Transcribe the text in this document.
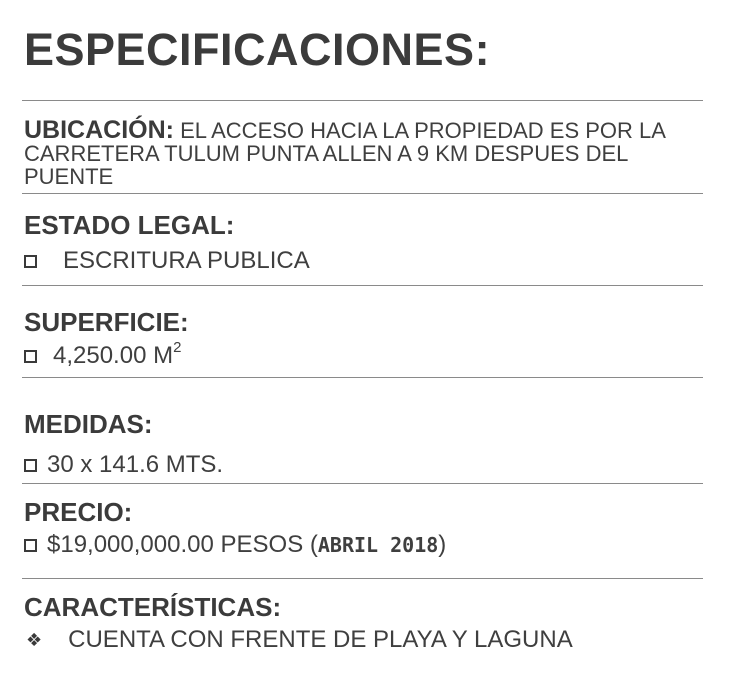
ESPECIFICACIONES:
UBICACIÓN: EL ACCESO HACIA LA PROPIEDAD ES POR LA CARRETERA TULUM PUNTA ALLEN A 9 KM DESPUES DEL PUENTE
ESTADO LEGAL:
ESCRITURA PUBLICA
SUPERFICIE:
4,250.00 $M^2$
MEDIDAS:
30 x 141.6 MTS.
PRECIO:
$19,000,000.00 PESOS (ABRIL 2018)
CARACTERÍSTICAS:
❖ CUENTA CON FRENTE DE PLAYA Y LAGUNA
